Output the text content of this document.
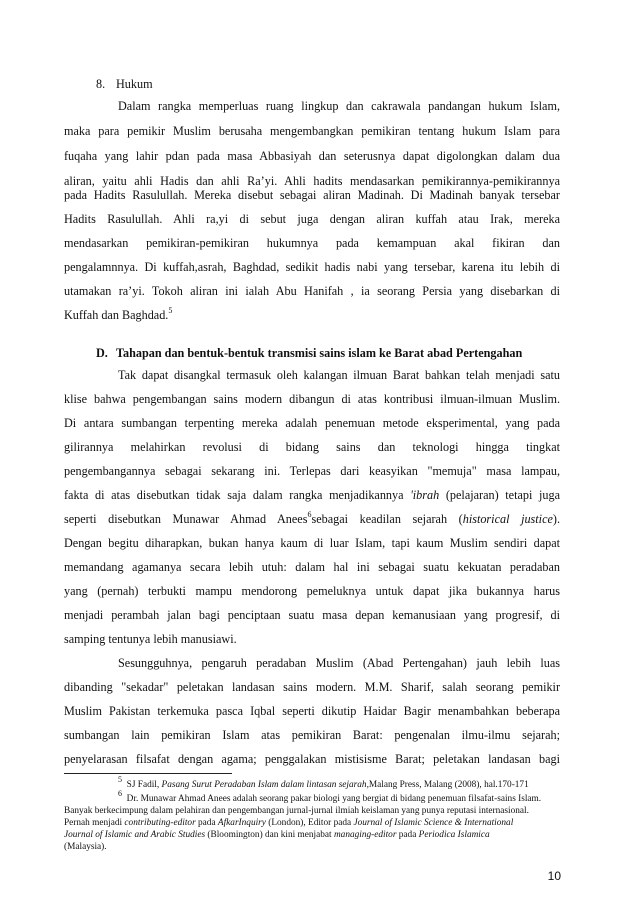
8. Hukum
Dalam rangka memperluas ruang lingkup dan cakrawala pandangan hukum Islam,
maka para pemikir Muslim berusaha mengembangkan pemikiran tentang hukum Islam para
fuqaha yang lahir pdan pada masa Abbasiyah dan seterusnya dapat digolongkan dalam dua
aliran, yaitu ahli Hadis dan ahli Ra’yi. Ahli hadits mendasarkan pemikirannya-pemikirannya
pada Hadits Rasulullah. Mereka disebut sebagai aliran Madinah. Di Madinah banyak tersebar
Hadits Rasulullah. Ahli ra,yi di sebut juga dengan aliran kuffah atau Irak, mereka
mendasarkan pemikiran-pemikiran hukumnya pada kemampuan akal fikiran dan
pengalamnnya. Di kuffah,asrah, Baghdad, sedikit hadis nabi yang tersebar, karena itu lebih di
utamakan ra’yi. Tokoh aliran ini ialah Abu Hanifah , ia seorang Persia yang disebarkan di
Kuffah dan Baghdad.$^5$
D. Tahapan dan bentuk-bentuk transmisi sains islam ke Barat abad Pertengahan
Tak dapat disangkal termasuk oleh kalangan ilmuan Barat bahkan telah menjadi satu
klise bahwa pengembangan sains modern dibangun di atas kontribusi ilmuan-ilmuan Muslim.
Di antara sumbangan terpenting mereka adalah penemuan metode eksperimental, yang pada
gilirannya melahirkan revolusi di bidang sains dan teknologi hingga tingkat
pengembangannya sebagai sekarang ini. Terlepas dari keasyikan "memuja" masa lampau,
fakta di atas disebutkan tidak saja dalam rangka menjadikannya 'ibrah (pelajaran) tetapi juga
seperti disebutkan Munawar Ahmad Anees$^6$sebagai keadilan sejarah (historical justice).
Dengan begitu diharapkan, bukan hanya kaum di luar Islam, tapi kaum Muslim sendiri dapat
memandang agamanya secara lebih utuh: dalam hal ini sebagai suatu kekuatan peradaban
yang (pernah) terbukti mampu mendorong pemeluknya untuk dapat jika bukannya harus
menjadi perambah jalan bagi penciptaan suatu masa depan kemanusiaan yang progresif, di
samping tentunya lebih manusiawi.
Sesungguhnya, pengaruh peradaban Muslim (Abad Pertengahan) jauh lebih luas
dibanding "sekadar" peletakan landasan sains modern. M.M. Sharif, salah seorang pemikir
Muslim Pakistan terkemuka pasca Iqbal seperti dikutip Haidar Bagir menambahkan beberapa
sumbangan lain pemikiran Islam atas pemikiran Barat: pengenalan ilmu-ilmu sejarah;
penyelarasan filsafat dengan agama; penggalakan mistisisme Barat; peletakan landasan bagi
$^5$  SJ Fadil, Pasang Surut Peradaban Islam dalam lintasan sejarah,Malang Press, Malang (2008), hal.170-171
$^6$  Dr. Munawar Ahmad Anees adalah seorang pakar biologi yang bergiat di bidang penemuan filsafat-sains Islam.
Banyak berkecimpung dalam pelahiran dan pengembangan jurnal-jurnal ilmiah keislaman yang punya reputasi internasional.
Pernah menjadi contributing-editor pada AfkarInquiry (London), Editor pada Journal of Islamic Science & International
Journal of Islamic and Arabic Studies (Bloomington) dan kini menjabat managing-editor pada Periodica Islamica
(Malaysia).
10
